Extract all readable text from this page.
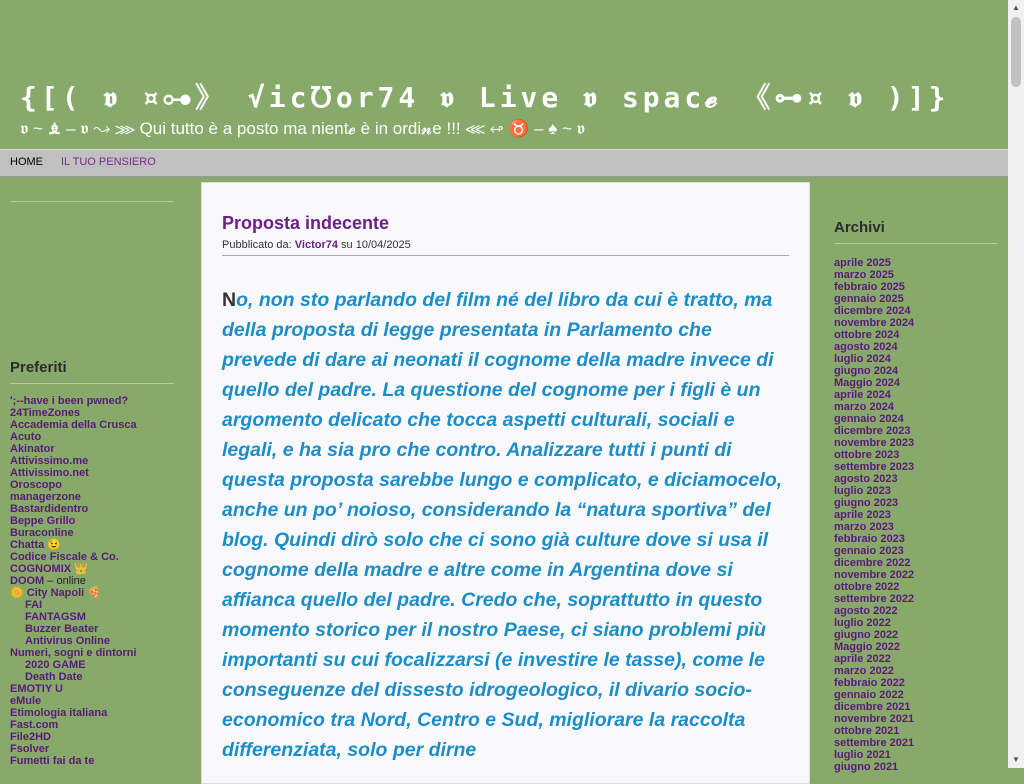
{[( 𝖛 ¤⊶》 √ic℧or74 𝖛 Live 𝖛 ѕpac𝓮 《⊶¤ 𝖛 )]}
𝖛 ~ ♝ – 𝖛 ↝ ⋙ Qui tutto è a posto ma nient𝓮 è in ordi𝓷e !!! ⋘ ↫ ♉ – ♠ ~ 𝖛
HOME IL TUO PENSIERO
Preferiti
';--have i been pwned?
24TimeZones
Accademia della Crusca
Acuto
Akinator
Attivissimo.me
Attivissimo.net
Oroscopo
managerzone
Bastardidentro
Beppe Grillo
Buraconline
Chatta 😉
Codice Fiscale & Co.
COGNOMIX 👑
DOOM – online
🌼 City Napoli 🍕
FAI
FANTAGSM
Buzzer Beater
Antivirus Online
Numeri, sogni e dintorni
2020 GAME
Death Date
EMOTIY U
eMule
Etimologia italiana
Fast.com
File2HD
Fsolver
Fumetti fai da te
Proposta indecente
Pubblicato da: Victor74 su 10/04/2025

No, non sto parlando del film né del libro da cui è tratto, ma della proposta di legge presentata in Parlamento che prevede di dare ai neonati il cognome della madre invece di quello del padre. La questione del cognome per i figli è un argomento delicato che tocca aspetti culturali, sociali e legali, e ha sia pro che contro. Analizzare tutti i punti di questa proposta sarebbe lungo e complicato, e diciamocelo, anche un po’ noioso, considerando la “natura sportiva” del blog. Quindi dirò solo che ci sono già culture dove si usa il cognome della madre e altre come in Argentina dove si affianca quello del padre. Credo che, soprattutto in questo momento storico per il nostro Paese, ci siano problemi più importanti su cui focalizzarsi (e investire le tasse), come le conseguenze del dissesto idrogeologico, il divario socio-economico tra Nord, Centro e Sud, migliorare la raccolta differenziata, solo per dirne

Archivi
aprile 2025
marzo 2025
febbraio 2025
gennaio 2025
dicembre 2024
novembre 2024
ottobre 2024
agosto 2024
luglio 2024
giugno 2024
Maggio 2024
aprile 2024
marzo 2024
gennaio 2024
dicembre 2023
novembre 2023
ottobre 2023
settembre 2023
agosto 2023
luglio 2023
giugno 2023
aprile 2023
marzo 2023
febbraio 2023
gennaio 2023
dicembre 2022
novembre 2022
ottobre 2022
settembre 2022
agosto 2022
luglio 2022
giugno 2022
Maggio 2022
aprile 2022
marzo 2022
febbraio 2022
gennaio 2022
dicembre 2021
novembre 2021
ottobre 2021
settembre 2021
luglio 2021
giugno 2021
▲
▼
